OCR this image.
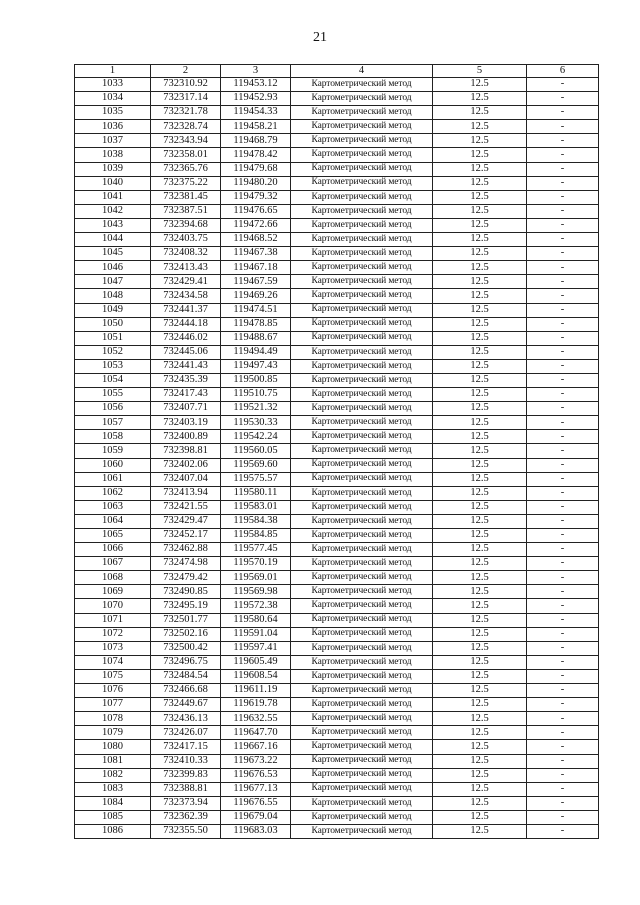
21
1	2	3	4	5	6
1033	732310.92	119453.12	Картометрический метод	12.5	-
1034	732317.14	119452.93	Картометрический метод	12.5	-
1035	732321.78	119454.33	Картометрический метод	12.5	-
1036	732328.74	119458.21	Картометрический метод	12.5	-
1037	732343.94	119468.79	Картометрический метод	12.5	-
1038	732358.01	119478.42	Картометрический метод	12.5	-
1039	732365.76	119479.68	Картометрический метод	12.5	-
1040	732375.22	119480.20	Картометрический метод	12.5	-
1041	732381.45	119479.32	Картометрический метод	12.5	-
1042	732387.51	119476.65	Картометрический метод	12.5	-
1043	732394.68	119472.66	Картометрический метод	12.5	-
1044	732403.75	119468.52	Картометрический метод	12.5	-
1045	732408.32	119467.38	Картометрический метод	12.5	-
1046	732413.43	119467.18	Картометрический метод	12.5	-
1047	732429.41	119467.59	Картометрический метод	12.5	-
1048	732434.58	119469.26	Картометрический метод	12.5	-
1049	732441.37	119474.51	Картометрический метод	12.5	-
1050	732444.18	119478.85	Картометрический метод	12.5	-
1051	732446.02	119488.67	Картометрический метод	12.5	-
1052	732445.06	119494.49	Картометрический метод	12.5	-
1053	732441.43	119497.43	Картометрический метод	12.5	-
1054	732435.39	119500.85	Картометрический метод	12.5	-
1055	732417.43	119510.75	Картометрический метод	12.5	-
1056	732407.71	119521.32	Картометрический метод	12.5	-
1057	732403.19	119530.33	Картометрический метод	12.5	-
1058	732400.89	119542.24	Картометрический метод	12.5	-
1059	732398.81	119560.05	Картометрический метод	12.5	-
1060	732402.06	119569.60	Картометрический метод	12.5	-
1061	732407.04	119575.57	Картометрический метод	12.5	-
1062	732413.94	119580.11	Картометрический метод	12.5	-
1063	732421.55	119583.01	Картометрический метод	12.5	-
1064	732429.47	119584.38	Картометрический метод	12.5	-
1065	732452.17	119584.85	Картометрический метод	12.5	-
1066	732462.88	119577.45	Картометрический метод	12.5	-
1067	732474.98	119570.19	Картометрический метод	12.5	-
1068	732479.42	119569.01	Картометрический метод	12.5	-
1069	732490.85	119569.98	Картометрический метод	12.5	-
1070	732495.19	119572.38	Картометрический метод	12.5	-
1071	732501.77	119580.64	Картометрический метод	12.5	-
1072	732502.16	119591.04	Картометрический метод	12.5	-
1073	732500.42	119597.41	Картометрический метод	12.5	-
1074	732496.75	119605.49	Картометрический метод	12.5	-
1075	732484.54	119608.54	Картометрический метод	12.5	-
1076	732466.68	119611.19	Картометрический метод	12.5	-
1077	732449.67	119619.78	Картометрический метод	12.5	-
1078	732436.13	119632.55	Картометрический метод	12.5	-
1079	732426.07	119647.70	Картометрический метод	12.5	-
1080	732417.15	119667.16	Картометрический метод	12.5	-
1081	732410.33	119673.22	Картометрический метод	12.5	-
1082	732399.83	119676.53	Картометрический метод	12.5	-
1083	732388.81	119677.13	Картометрический метод	12.5	-
1084	732373.94	119676.55	Картометрический метод	12.5	-
1085	732362.39	119679.04	Картометрический метод	12.5	-
1086	732355.50	119683.03	Картометрический метод	12.5	-
